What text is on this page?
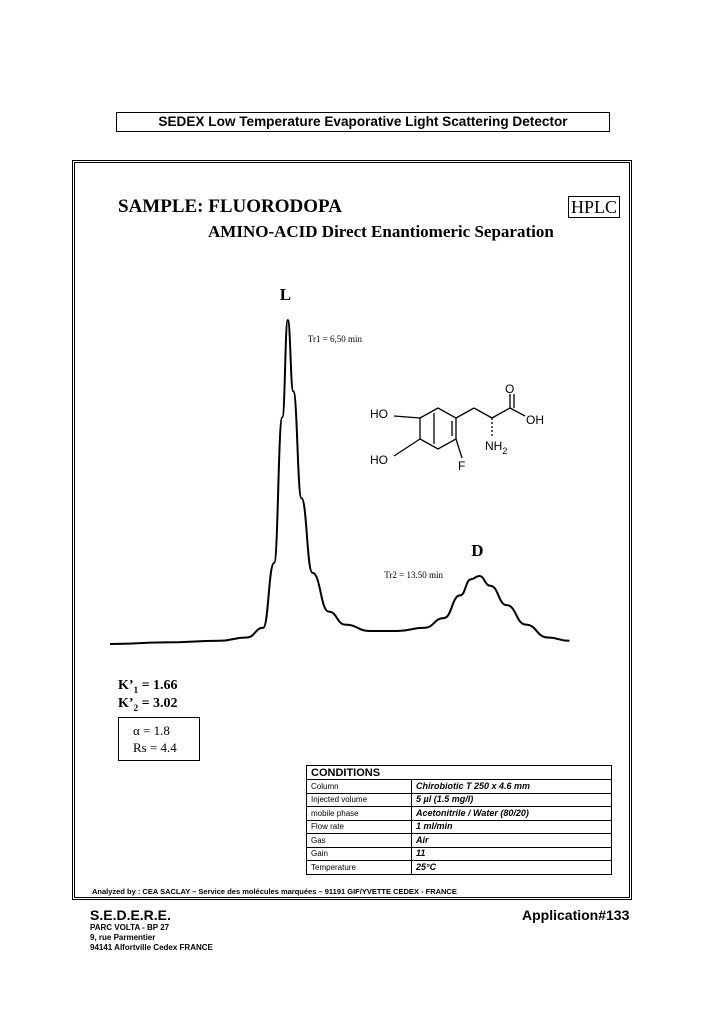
SEDEX Low Temperature Evaporative Light Scattering Detector
SAMPLE: FLUORODOPA	HPLC
AMINO-ACID Direct Enantiomeric Separation
L
Tr1 = 6,50 min
D
Tr2 = 13.50 min
HO
HO
OH
O
$NH_2$
F
$K’_1 = 1.66$
$K’_2 = 3.02$
α = 1.8
Rs = 4.4
CONDITIONS
Column	Chirobiotic T 250 x 4.6 mm
Injected volume	5 µl (1.5 mg/l)
mobile phase	Acetonitrile / Water (80/20)
Flow rate	1 ml/min
Gas	Air
Gain	11
Temperature	25°C
Analyzed by : CEA SACLAY – Service des molécules marquées – 91191 GIF/YVETTE CEDEX - FRANCE
S.E.D.E.R.E.	Application#133
PARC VOLTA - BP 27
9, rue Parmentier
94141 Alfortville Cedex FRANCE
